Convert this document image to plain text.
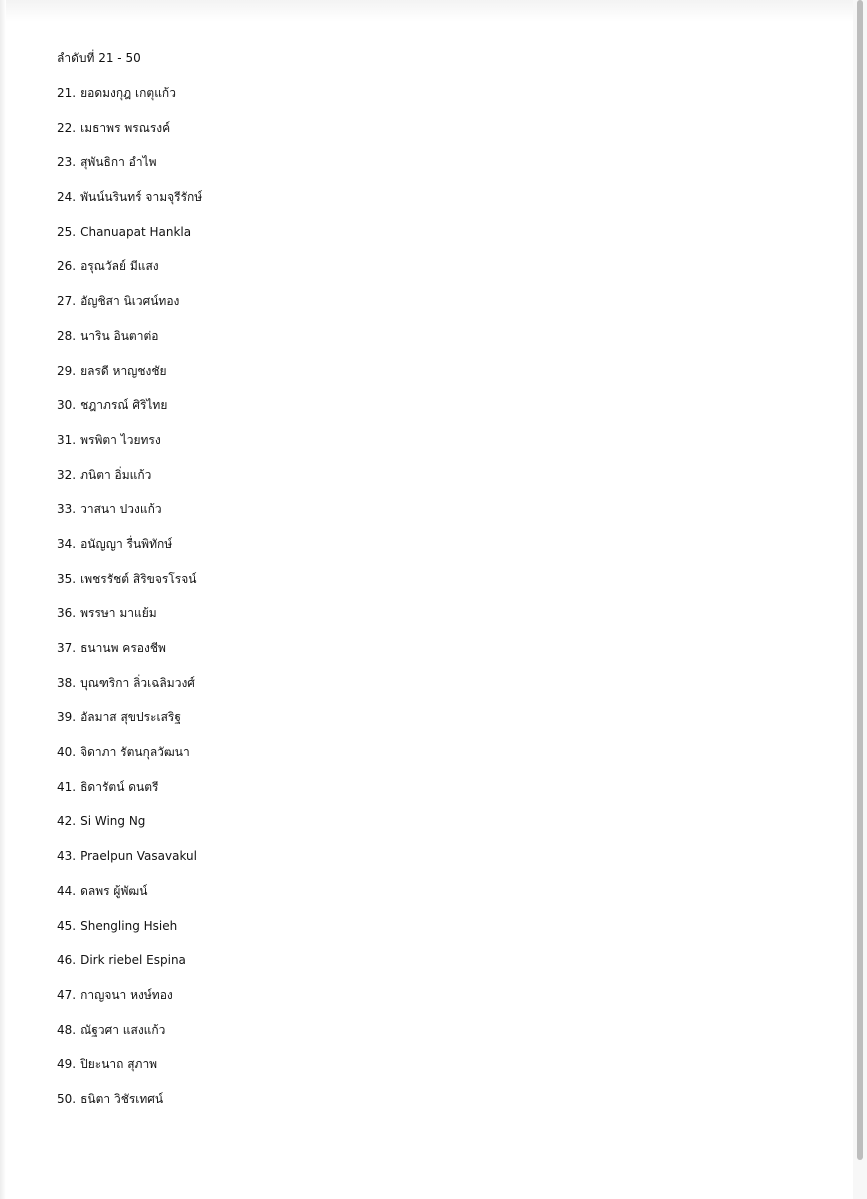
ลำดับที่ 21 - 50
21. ยอดมงกุฎ เกตุแก้ว
22. เมธาพร พรณรงค์
23. สุพันธิกา อำไพ
24. พันน์นรินทร์ จามจุรีรักษ์
25. Chanuapat Hankla
26. อรุณวัลย์ มีแสง
27. อัญชิสา นิเวศน์ทอง
28. นาริน อินตาต่อ
29. ยลรดี หาญชงชัย
30. ชฎาภรณ์ ศิริไทย
31. พรพิตา ไวยทรง
32. ภนิตา อิ่มแก้ว
33. วาสนา ปวงแก้ว
34. อนัญญา รื่นพิทักษ์
35. เพชรรัชต์ สิริขจรโรจน์
36. พรรษา มาแย้ม
37. ธนานพ ครองชีพ
38. บุณฑริกา ลิ่วเฉลิมวงศ์
39. อัลมาส สุขประเสริฐ
40. จิดาภา รัตนกุลวัฒนา
41. ธิดารัตน์ ดนตรี
42. Si Wing Ng
43. Praelpun Vasavakul
44. ดลพร ผู้พัฒน์
45. Shengling Hsieh
46. Dirk riebel Espina
47. กาญจนา หงษ์ทอง
48. ณัฐวศา แสงแก้ว
49. ปิยะนาถ สุภาพ
50. ธนิตา วิชัรเทศน์
